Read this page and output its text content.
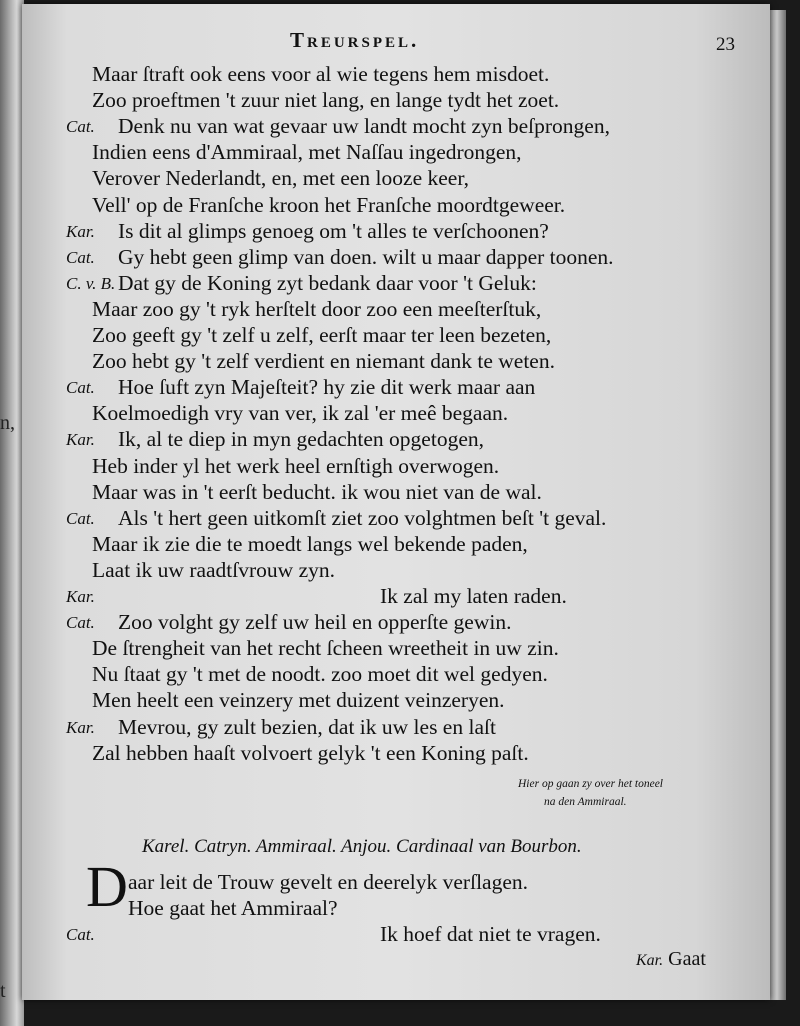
n,
t
Treurspel.	23
Maar ſtraft ook eens voor al wie tegens hem misdoet.
Zoo proeftmen 't zuur niet lang, en lange tydt het zoet.
Cat. Denk nu van wat gevaar uw landt mocht zyn beſprongen,
Indien eens d'Ammiraal, met Naſſau ingedrongen,
Verover Nederlandt, en, met een looze keer,
Vell' op de Franſche kroon het Franſche moordtgeweer.
Kar. Is dit al glimps genoeg om 't alles te verſchoonen?
Cat. Gy hebt geen glimp van doen. wilt u maar dapper toonen.
C. v. B. Dat gy de Koning zyt bedank daar voor 't Geluk:
Maar zoo gy 't ryk herſtelt door zoo een meeſterſtuk,
Zoo geeft gy 't zelf u zelf, eerſt maar ter leen bezeten,
Zoo hebt gy 't zelf verdient en niemant dank te weten.
Cat. Hoe ſuft zyn Majeſteit? hy zie dit werk maar aan
Koelmoedigh vry van ver, ik zal 'er meê begaan.
Kar. Ik, al te diep in myn gedachten opgetogen,
Heb inder yl het werk heel ernſtigh overwogen.
Maar was in 't eerſt beducht. ik wou niet van de wal.
Cat. Als 't hert geen uitkomſt ziet zoo volghtmen beſt 't geval.
Maar ik zie die te moedt langs wel bekende paden,
Laat ik uw raadtſvrouw zyn.
Kar.	Ik zal my laten raden.
Cat. Zoo volght gy zelf uw heil en opperſte gewin.
De ſtrengheit van het recht ſcheen wreetheit in uw zin.
Nu ſtaat gy 't met de noodt. zoo moet dit wel gedyen.
Men heelt een veinzery met duizent veinzeryen.
Kar. Mevrou, gy zult bezien, dat ik uw les en laſt
Zal hebben haaſt volvoert gelyk 't een Koning paſt.
Hier op gaan zy over het toneel
na den Ammiraal.
Karel. Catryn. Ammiraal. Anjou. Cardinaal van Bourbon.
D aar leit de Trouw gevelt en deerelyk verſlagen.
Hoe gaat het Ammiraal?
Cat.	Ik hoef dat niet te vragen.
Kar. Gaat
